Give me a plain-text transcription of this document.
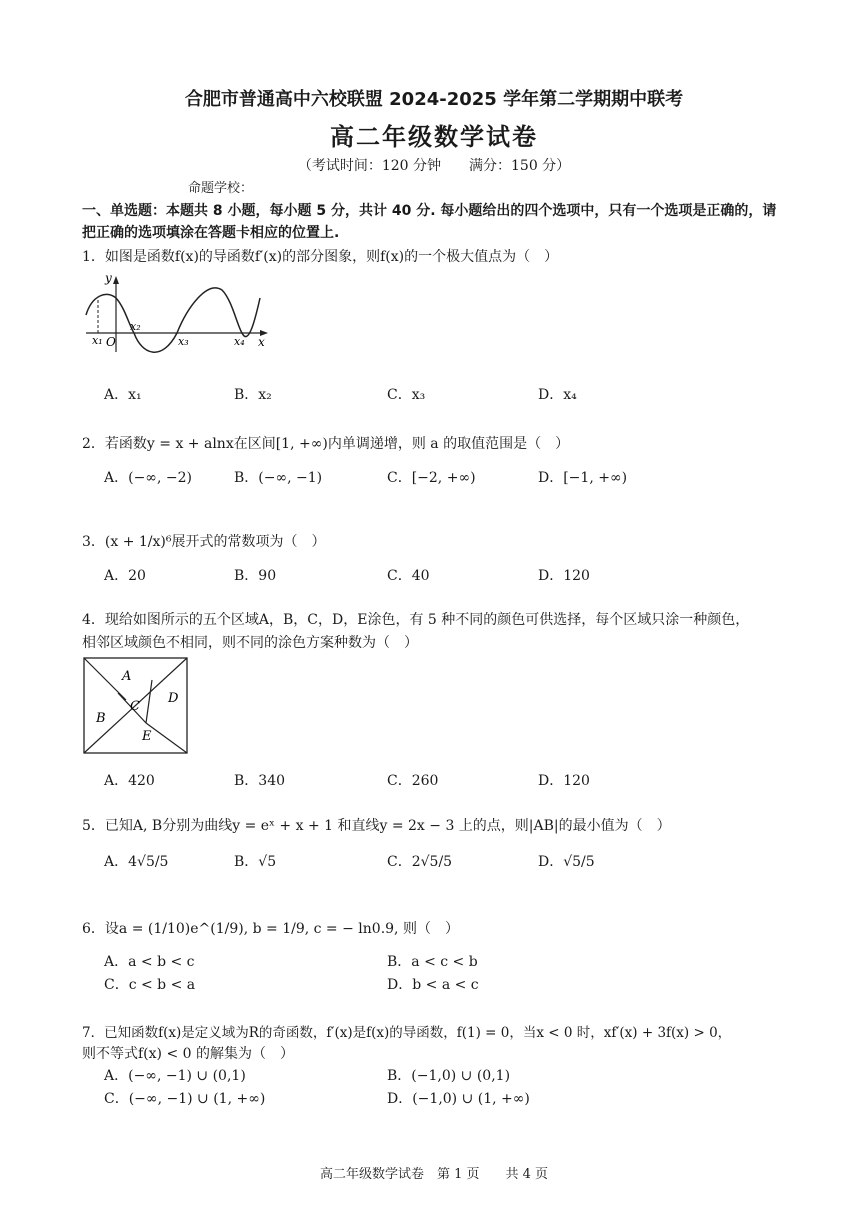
合肥市普通高中六校联盟 2024-2025 学年第二学期期中联考
高二年级数学试卷
（考试时间：120 分钟　　满分：150 分）
命题学校：
一、单选题：本题共 8 小题，每小题 5 分，共计 40 分. 每小题给出的四个选项中，只有一个选项是正确的，请把正确的选项填涂在答题卡相应的位置上.
1．如图是函数f(x)的导函数f′(x)的部分图象，则f(x)的一个极大值点为（　）
y
x
O
x₁
x₂
x₃	x₄
A．x₁	B．x₂	C．x₃	D．x₄
2．若函数y = x + alnx在区间[1, +∞)内单调递增，则 a 的取值范围是（　）
A．(−∞, −2)	B．(−∞, −1)	C．[−2, +∞)	D．[−1, +∞)
3．(x + 1/x)⁶展开式的常数项为（　）
A．20	B．90	C．40	D．120
4．现给如图所示的五个区域A，B，C，D，E涂色，有 5 种不同的颜色可供选择，每个区域只涂一种颜色，
相邻区域颜色不相同，则不同的涂色方案种数为（　）
A
B
C
D
E
A．420	B．340	C．260	D．120
5．已知A, B分别为曲线y = eˣ + x + 1 和直线y = 2x − 3 上的点，则|AB|的最小值为（　）
A．4√5/5	B．√5	C．2√5/5	D．√5/5
6．设a = (1/10)e^(1/9), b = 1/9, c = − ln0.9, 则（　）
A．a < b < c	B．a < c < b
C．c < b < a	D．b < a < c
7．已知函数f(x)是定义域为R的奇函数，f′(x)是f(x)的导函数，f(1) = 0，当x < 0 时，xf′(x) + 3f(x) > 0，
则不等式f(x) < 0 的解集为（　）
A．(−∞, −1) ∪ (0,1)	B．(−1,0) ∪ (0,1)
C．(−∞, −1) ∪ (1, +∞)	D．(−1,0) ∪ (1, +∞)
高二年级数学试卷　第 1 页　　共 4 页
